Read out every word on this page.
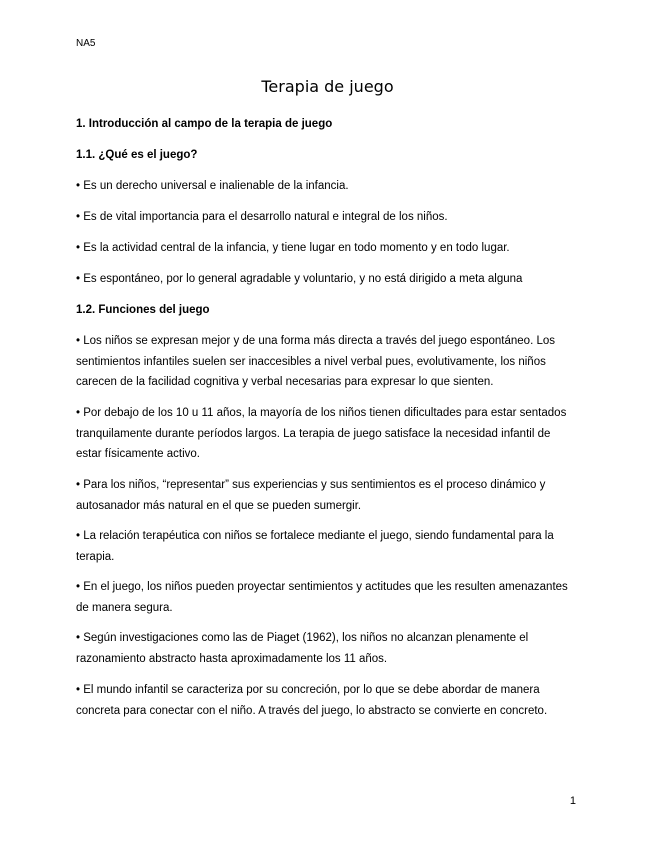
NA5
Terapia de juego
1. Introducción al campo de la terapia de juego
1.1. ¿Qué es el juego?
• Es un derecho universal e inalienable de la infancia.
• Es de vital importancia para el desarrollo natural e integral de los niños.
• Es la actividad central de la infancia, y tiene lugar en todo momento y en todo lugar.
• Es espontáneo, por lo general agradable y voluntario, y no está dirigido a meta alguna
1.2. Funciones del juego
• Los niños se expresan mejor y de una forma más directa a través del juego espontáneo. Los sentimientos infantiles suelen ser inaccesibles a nivel verbal pues, evolutivamente, los niños carecen de la facilidad cognitiva y verbal necesarias para expresar lo que sienten.
• Por debajo de los 10 u 11 años, la mayoría de los niños tienen dificultades para estar sentados tranquilamente durante períodos largos. La terapia de juego satisface la necesidad infantil de estar físicamente activo.
• Para los niños, “representar” sus experiencias y sus sentimientos es el proceso dinámico y autosanador más natural en el que se pueden sumergir.
• La relación terapéutica con niños se fortalece mediante el juego, siendo fundamental para la terapia.
• En el juego, los niños pueden proyectar sentimientos y actitudes que les resulten amenazantes de manera segura.
• Según investigaciones como las de Piaget (1962), los niños no alcanzan plenamente el razonamiento abstracto hasta aproximadamente los 11 años.
• El mundo infantil se caracteriza por su concreción, por lo que se debe abordar de manera concreta para conectar con el niño. A través del juego, lo abstracto se convierte en concreto.
1
